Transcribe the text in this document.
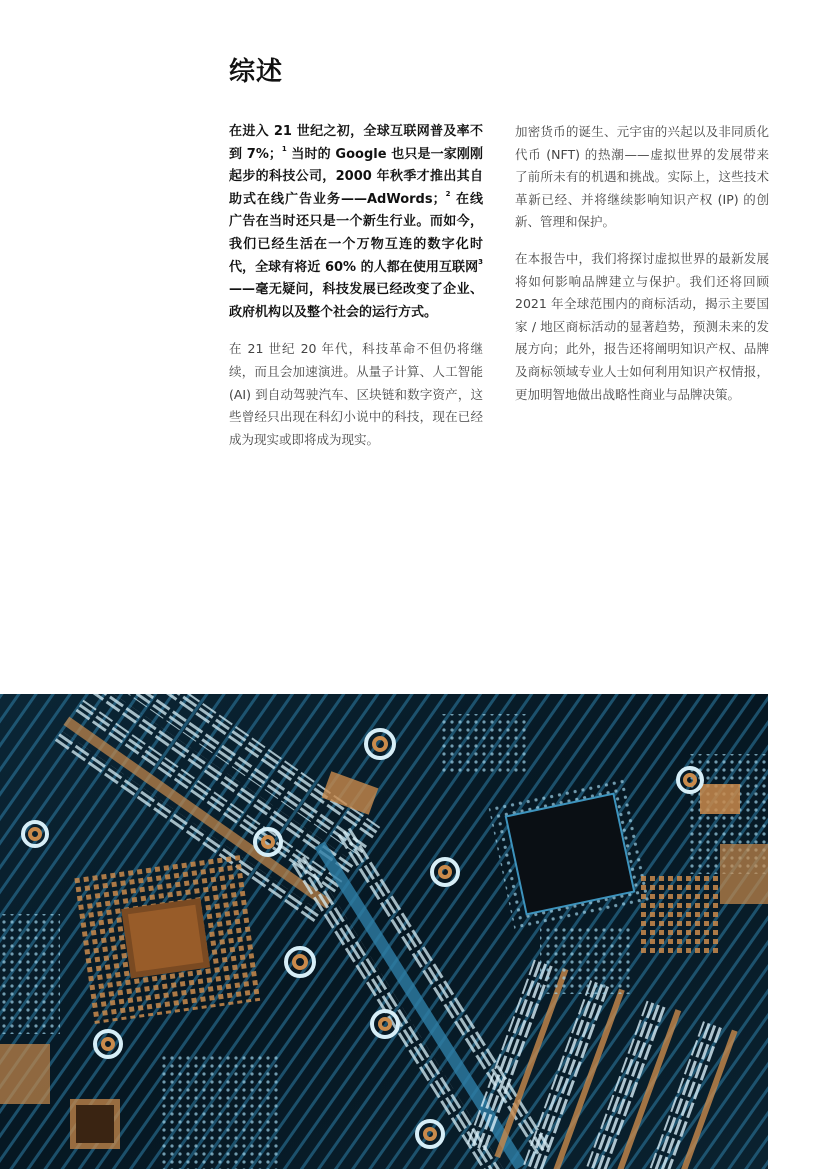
综述

在进入 21 世纪之初，全球互联网普及率不到 7%；$^1$ 当时的 Google 也只是一家刚刚起步的科技公司，2000 年秋季才推出其自助式在线广告业务——AdWords；$^2$ 在线广告在当时还只是一个新生行业。而如今，我们已经生活在一个万物互连的数字化时代，全球有将近 60% 的人都在使用互联网$^3$——毫无疑问，科技发展已经改变了企业、政府机构以及整个社会的运行方式。

在 21 世纪 20 年代，科技革命不但仍将继续，而且会加速演进。从量子计算、人工智能 (AI) 到自动驾驶汽车、区块链和数字资产，这些曾经只出现在科幻小说中的科技，现在已经成为现实或即将成为现实。

加密货币的诞生、元宇宙的兴起以及非同质化代币 (NFT) 的热潮——虚拟世界的发展带来了前所未有的机遇和挑战。实际上，这些技术革新已经、并将继续影响知识产权 (IP) 的创新、管理和保护。

在本报告中，我们将探讨虚拟世界的最新发展将如何影响品牌建立与保护。我们还将回顾 2021 年全球范围内的商标活动，揭示主要国家 / 地区商标活动的显著趋势，预测未来的发展方向；此外，报告还将阐明知识产权、品牌及商标领域专业人士如何利用知识产权情报，更加明智地做出战略性商业与品牌决策。
